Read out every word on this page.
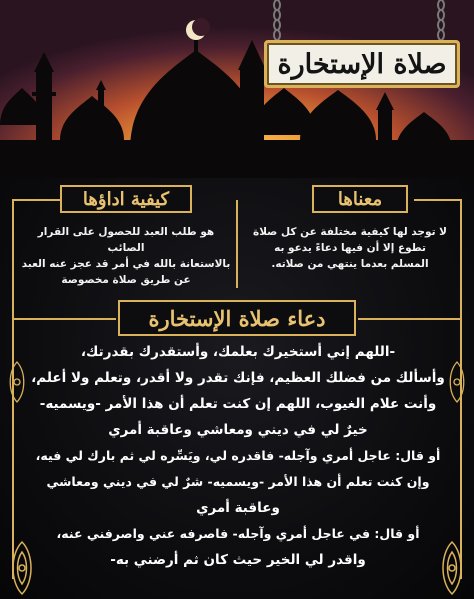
صلاة الإستخارة
كيفية اداؤها	معناها
هو طلب العبد للحصول على القرار الصائب
بالاستعانة بالله في أمر قد عجز عنه العبد
عن طريق صلاة مخصوصة
لا توجد لها كيفية مختلفة عن كل صلاة
تطوع إلا أن فيها دعاءً يدعو به
المسلم بعدما ينتهي من صلاته.
دعاء صلاة الإستخارة
-اللهم إني أستخيرك بعلمك، وأستقدرك بقدرتك،
وأسألك من فضلك العظيم، فإنك تقدر ولا أقدر، وتعلم ولا أعلم،
وأنت علام الغيوب، اللهم إن كنت تعلم أن هذا الأمر -ويسميه-
خيرٌ لي في ديني ومعاشي وعاقبة أمري
أو قال: عاجل أمري وآجله- فاقدره لي، ويَسِّره لي ثم بارك لي فيه،
وإن كنت تعلم أن هذا الأمر -ويسميه- شرٌ لي في ديني ومعاشي
وعاقبة أمري
أو قال: في عاجل أمري وآجله- فاصرفه عني واصرفني عنه،
واقدر لي الخير حيث كان ثم أرضني به-
